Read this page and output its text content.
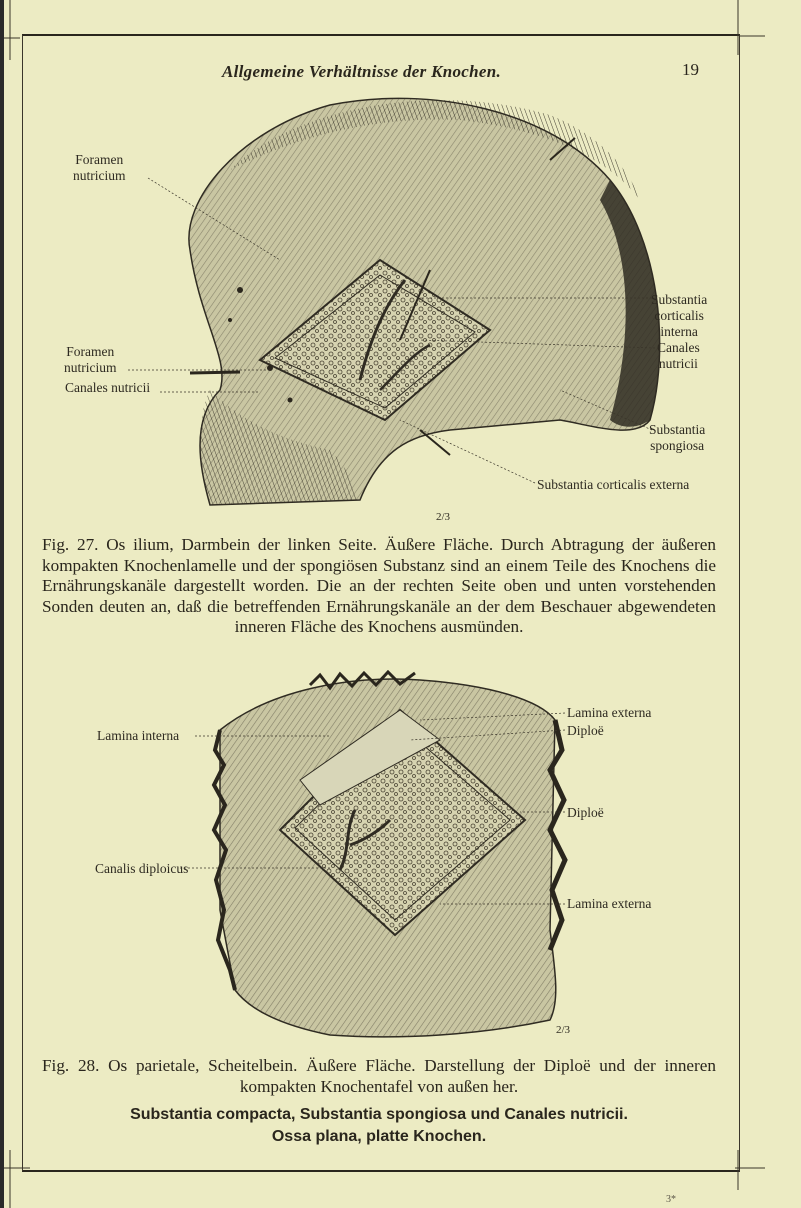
Allgemeine Verhältnisse der Knochen.	19
Foramen
nutricium
Foramen
nutricium
Canales nutricii
Substantia
corticalis
interna
Canales
nutricii
Substantia
spongiosa
Substantia corticalis externa
2/3
Fig. 27. Os ilium, Darmbein der linken Seite. Äußere Fläche. Durch Abtragung der äußeren kompakten Knochenlamelle und der spongiösen Substanz sind an einem Teile des Knochens die Ernährungskanäle dargestellt worden. Die an der rechten Seite oben und unten vorstehenden Sonden deuten an, daß die betreffenden Ernährungskanäle an der dem Beschauer abgewendeten inneren Fläche des Knochens ausmünden.
Lamina interna
Canalis diploicus
Lamina externa
Diploë
Diploë
Lamina externa
2/3
Fig. 28. Os parietale, Scheitelbein. Äußere Fläche. Darstellung der Diploë und der inneren kompakten Knochentafel von außen her.
Substantia compacta, Substantia spongiosa und Canales nutricii.
Ossa plana, platte Knochen.
3*
